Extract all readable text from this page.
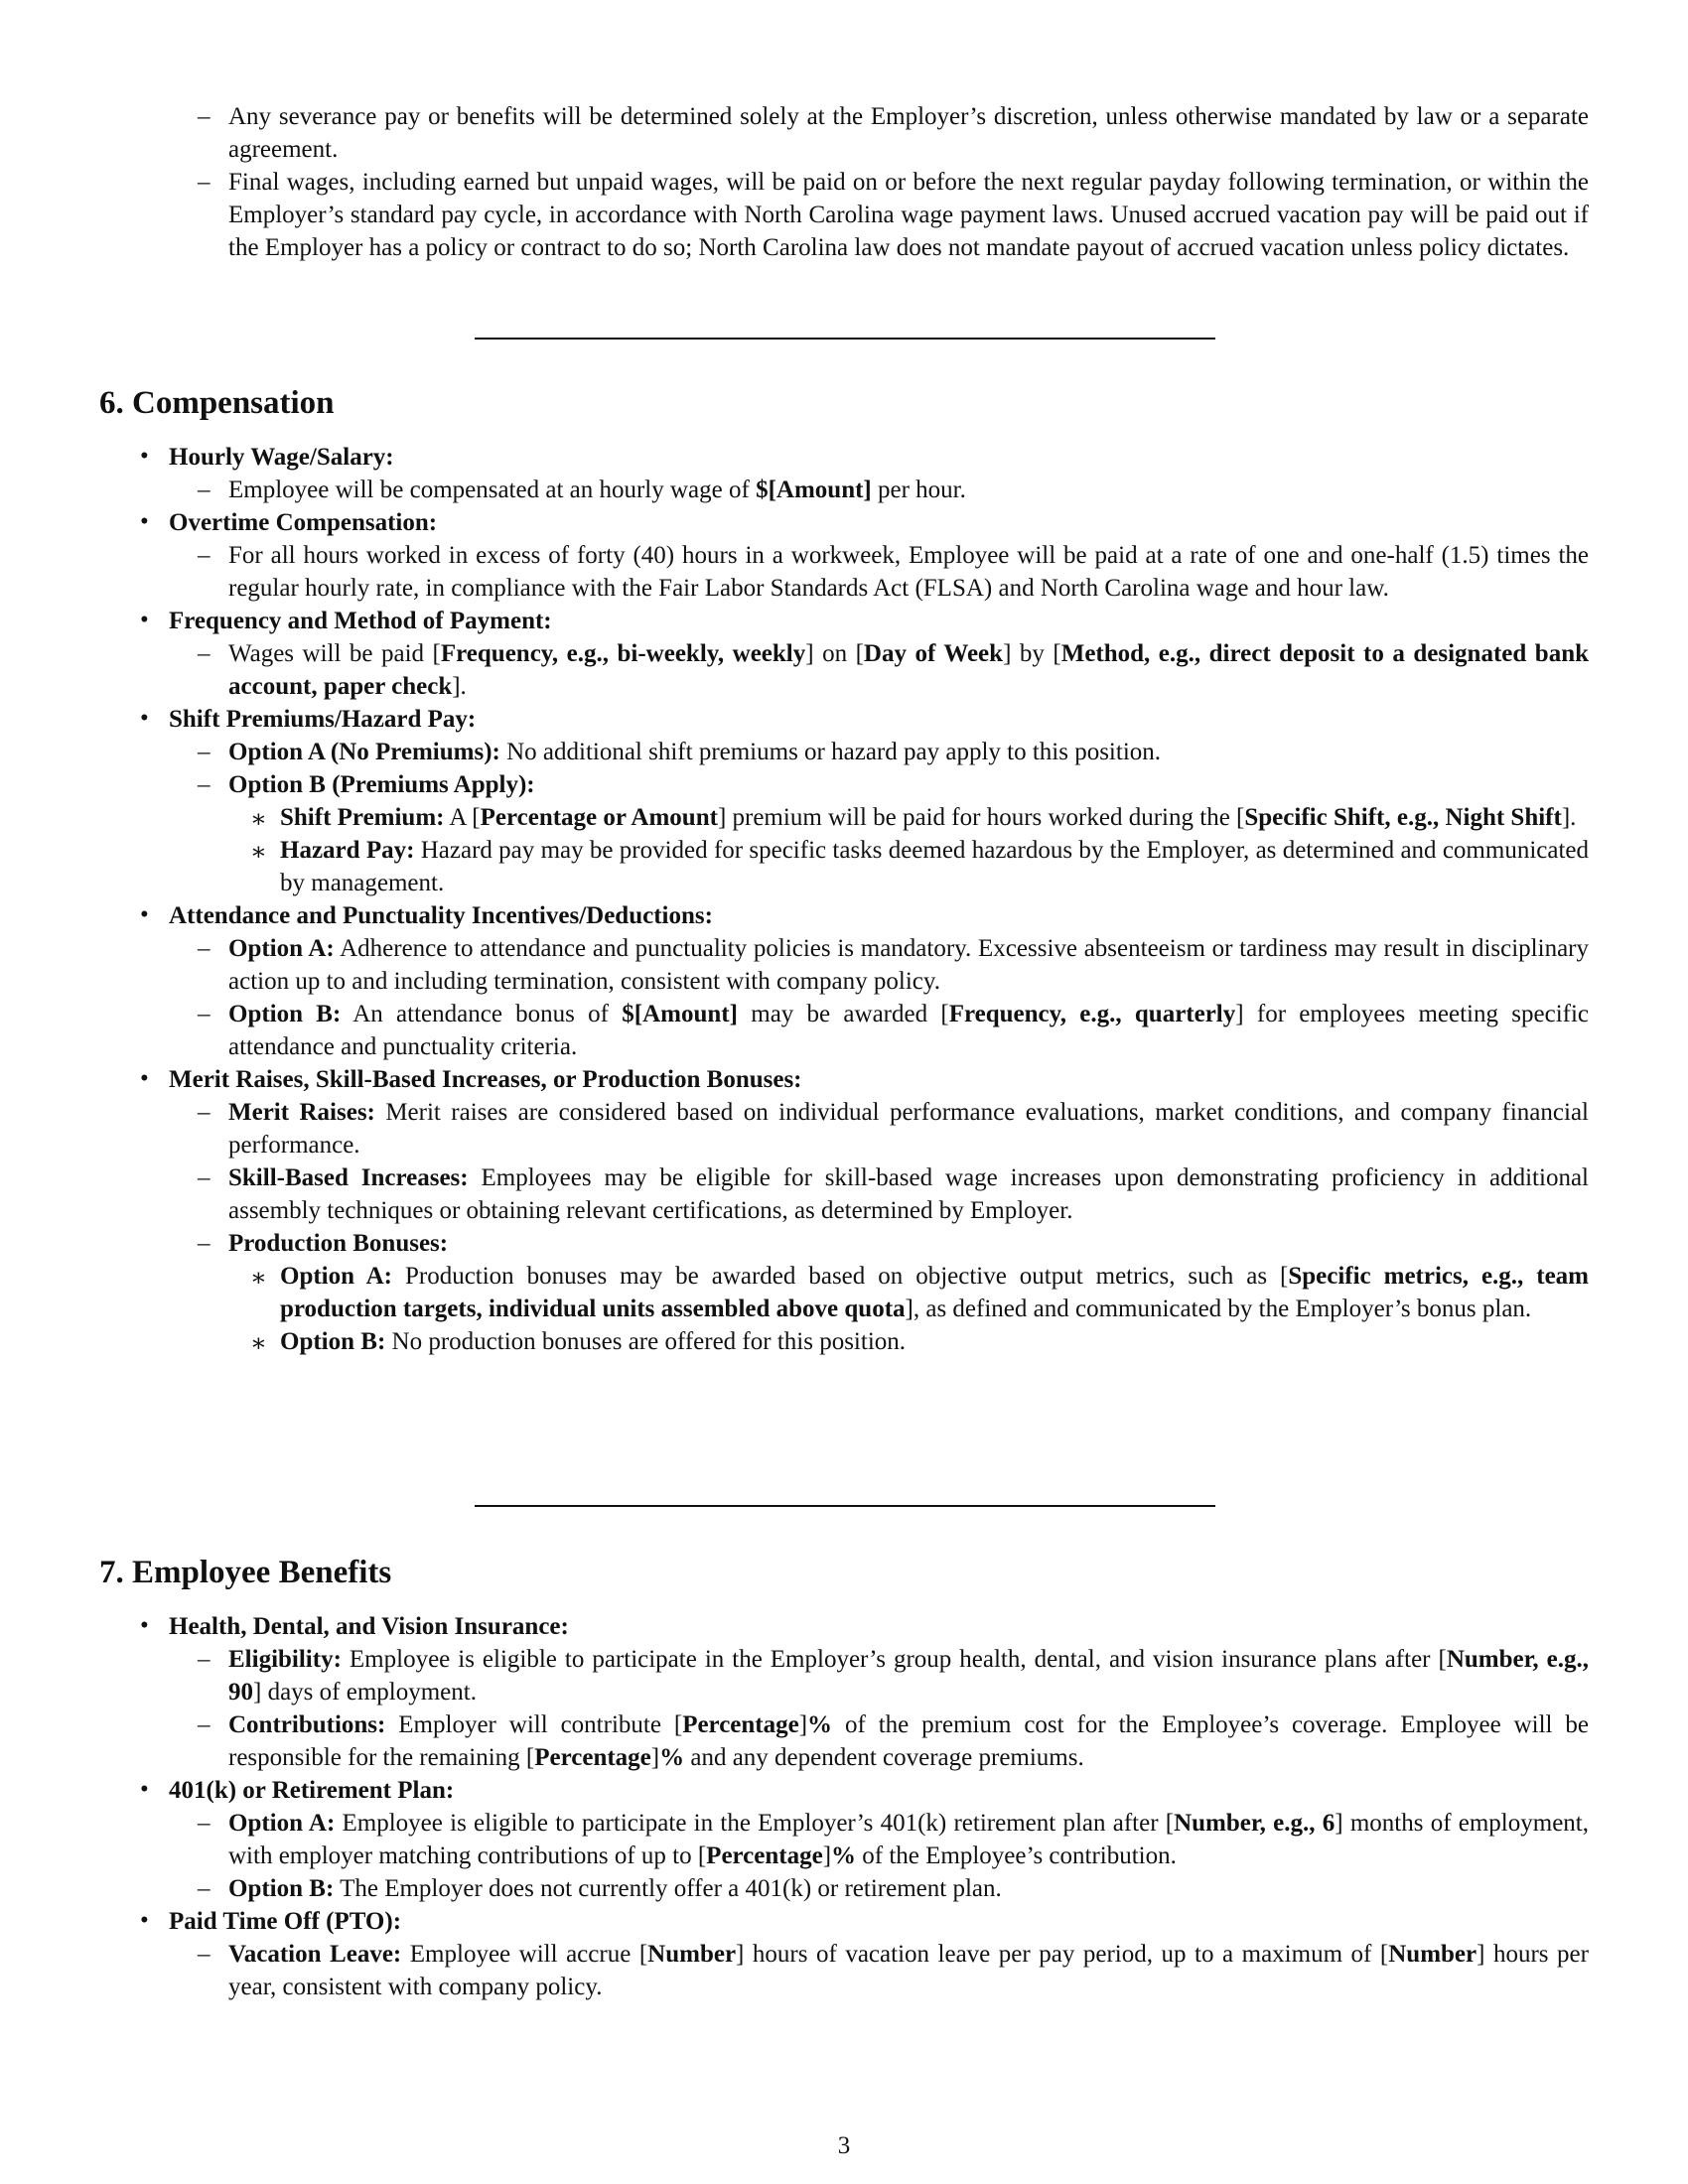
– Any severance pay or benefits will be determined solely at the Employer’s discretion, unless otherwise mandated by law or a separate agreement.
– Final wages, including earned but unpaid wages, will be paid on or before the next regular payday following termination, or within the Employer’s standard pay cycle, in accordance with North Carolina wage payment laws. Unused accrued vacation pay will be paid out if the Employer has a policy or contract to do so; North Carolina law does not mandate payout of accrued vacation unless policy dictates.
6. Compensation
• Hourly Wage/Salary:
– Employee will be compensated at an hourly wage of $[Amount] per hour.
• Overtime Compensation:
– For all hours worked in excess of forty (40) hours in a workweek, Employee will be paid at a rate of one and one-half (1.5) times the regular hourly rate, in compliance with the Fair Labor Standards Act (FLSA) and North Carolina wage and hour law.
• Frequency and Method of Payment:
– Wages will be paid [Frequency, e.g., bi-weekly, weekly] on [Day of Week] by [Method, e.g., direct deposit to a designated bank account, paper check].
• Shift Premiums/Hazard Pay:
– Option A (No Premiums): No additional shift premiums or hazard pay apply to this position.
– Option B (Premiums Apply):
∗ Shift Premium: A [Percentage or Amount] premium will be paid for hours worked during the [Specific Shift, e.g., Night Shift].
∗ Hazard Pay: Hazard pay may be provided for specific tasks deemed hazardous by the Employer, as determined and communicated by management.
• Attendance and Punctuality Incentives/Deductions:
– Option A: Adherence to attendance and punctuality policies is mandatory. Excessive absenteeism or tardiness may result in disciplinary action up to and including termination, consistent with company policy.
– Option B: An attendance bonus of $[Amount] may be awarded [Frequency, e.g., quarterly] for employees meeting specific attendance and punctuality criteria.
• Merit Raises, Skill-Based Increases, or Production Bonuses:
– Merit Raises: Merit raises are considered based on individual performance evaluations, market conditions, and company financial performance.
– Skill-Based Increases: Employees may be eligible for skill-based wage increases upon demonstrating proficiency in additional assembly techniques or obtaining relevant certifications, as determined by Employer.
– Production Bonuses:
∗ Option A: Production bonuses may be awarded based on objective output metrics, such as [Specific metrics, e.g., team production targets, individual units assembled above quota], as defined and communicated by the Employer’s bonus plan.
∗ Option B: No production bonuses are offered for this position.
7. Employee Benefits
• Health, Dental, and Vision Insurance:
– Eligibility: Employee is eligible to participate in the Employer’s group health, dental, and vision insurance plans after [Number, e.g., 90] days of employment.
– Contributions: Employer will contribute [Percentage]% of the premium cost for the Employee’s coverage. Employee will be responsible for the remaining [Percentage]% and any dependent coverage premiums.
• 401(k) or Retirement Plan:
– Option A: Employee is eligible to participate in the Employer’s 401(k) retirement plan after [Number, e.g., 6] months of employment, with employer matching contributions of up to [Percentage]% of the Employee’s contribution.
– Option B: The Employer does not currently offer a 401(k) or retirement plan.
• Paid Time Off (PTO):
– Vacation Leave: Employee will accrue [Number] hours of vacation leave per pay period, up to a maximum of [Number] hours per year, consistent with company policy.
3
